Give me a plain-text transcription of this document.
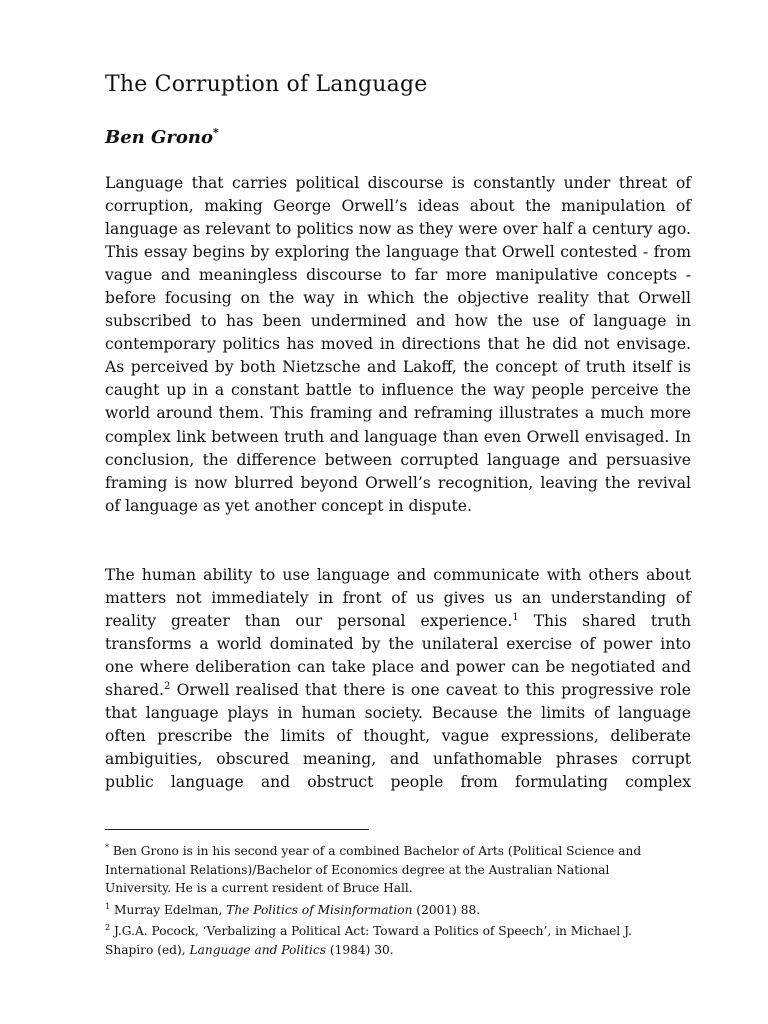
The Corruption of Language

Ben Grono*

Language that carries political discourse is constantly under threat of corruption, making George Orwell’s ideas about the manipulation of language as relevant to politics now as they were over half a century ago. This essay begins by exploring the language that Orwell contested - from vague and meaningless discourse to far more manipulative concepts - before focusing on the way in which the objective reality that Orwell subscribed to has been undermined and how the use of language in contemporary politics has moved in directions that he did not envisage. As perceived by both Nietzsche and Lakoff, the concept of truth itself is caught up in a constant battle to influence the way people perceive the world around them. This framing and reframing illustrates a much more complex link between truth and language than even Orwell envisaged. In conclusion, the difference between corrupted language and persuasive framing is now blurred beyond Orwell’s recognition, leaving the revival of language as yet another concept in dispute.

The human ability to use language and communicate with others about matters not immediately in front of us gives us an understanding of reality greater than our personal experience.$^1$ This shared truth transforms a world dominated by the unilateral exercise of power into one where deliberation can take place and power can be negotiated and shared.$^2$ Orwell realised that there is one caveat to this progressive role that language plays in human society. Because the limits of language often prescribe the limits of thought, vague expressions, deliberate ambiguities, obscured meaning, and unfathomable phrases corrupt public language and obstruct people from formulating complex

* Ben Grono is in his second year of a combined Bachelor of Arts (Political Science and International Relations)/Bachelor of Economics degree at the Australian National University. He is a current resident of Bruce Hall.

$^1$ Murray Edelman, The Politics of Misinformation (2001) 88.

$^2$ J.G.A. Pocock, ‘Verbalizing a Political Act: Toward a Politics of Speech’, in Michael J. Shapiro (ed), Language and Politics (1984) 30.
